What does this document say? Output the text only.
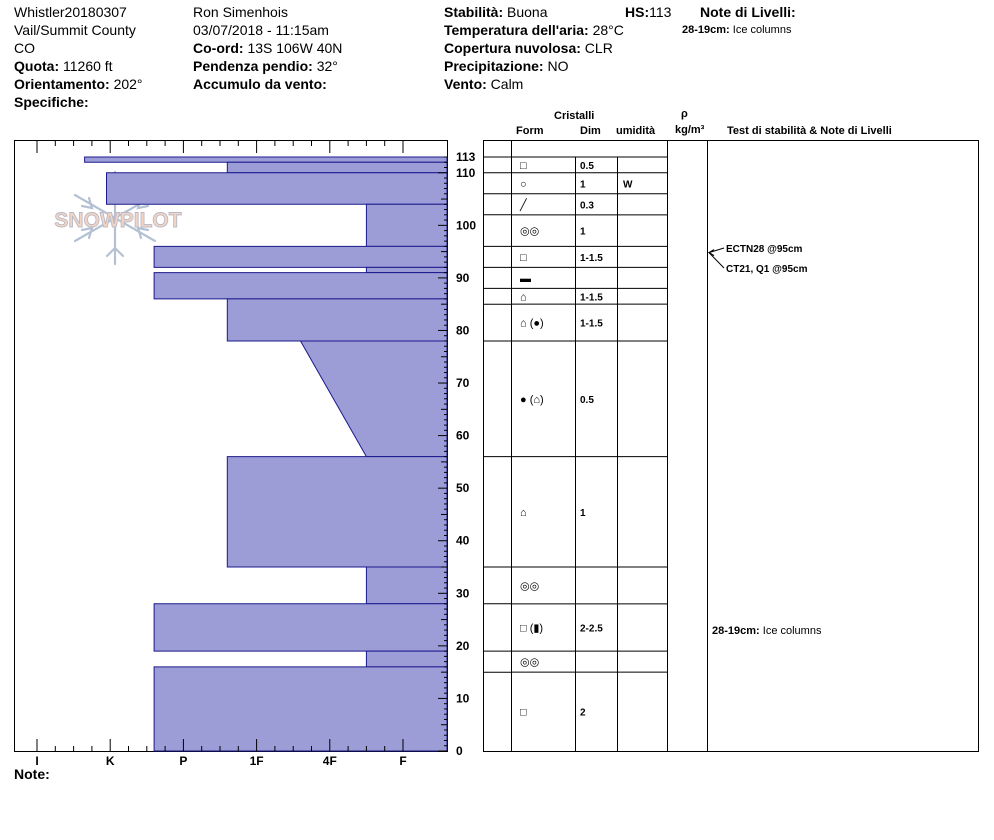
Whistler20180307
Vail/Summit County
CO
Quota: 11260 ft
Orientamento: 202°
Specifiche:
Ron Simenhois
03/07/2018 - 11:15am
Co-ord: 13S 106W 40N
Pendenza pendio: 32°
Accumulo da vento:
Stabilità: Buona
Temperatura dell'aria: 28°C
Copertura nuvolosa: CLR
Precipitazione: NO
Vento: Calm
HS:113 Note di Livelli:
28-19cm: Ice columns
Cristalli
Form	Dim umidità
ρ
kg/m³ Test di stabilità & Note di Livelli
SNOWPILOT
I	K	P	1F	4F	F
0
10
20
30
40
50
60
70
80
90
100
110
113
□	0.5
○	1	W
╱	0.3
◎◎	1
□	1-1.5
▬
⌂	1-1.5
⌂ (●)	1-1.5
● (⌂)	0.5
⌂	1
◎◎
□ (▮)	2-2.5
◎◎
□	2
ECTN28 @95cm
CT21, Q1 @95cm
28-19cm: Ice columns
Note:
